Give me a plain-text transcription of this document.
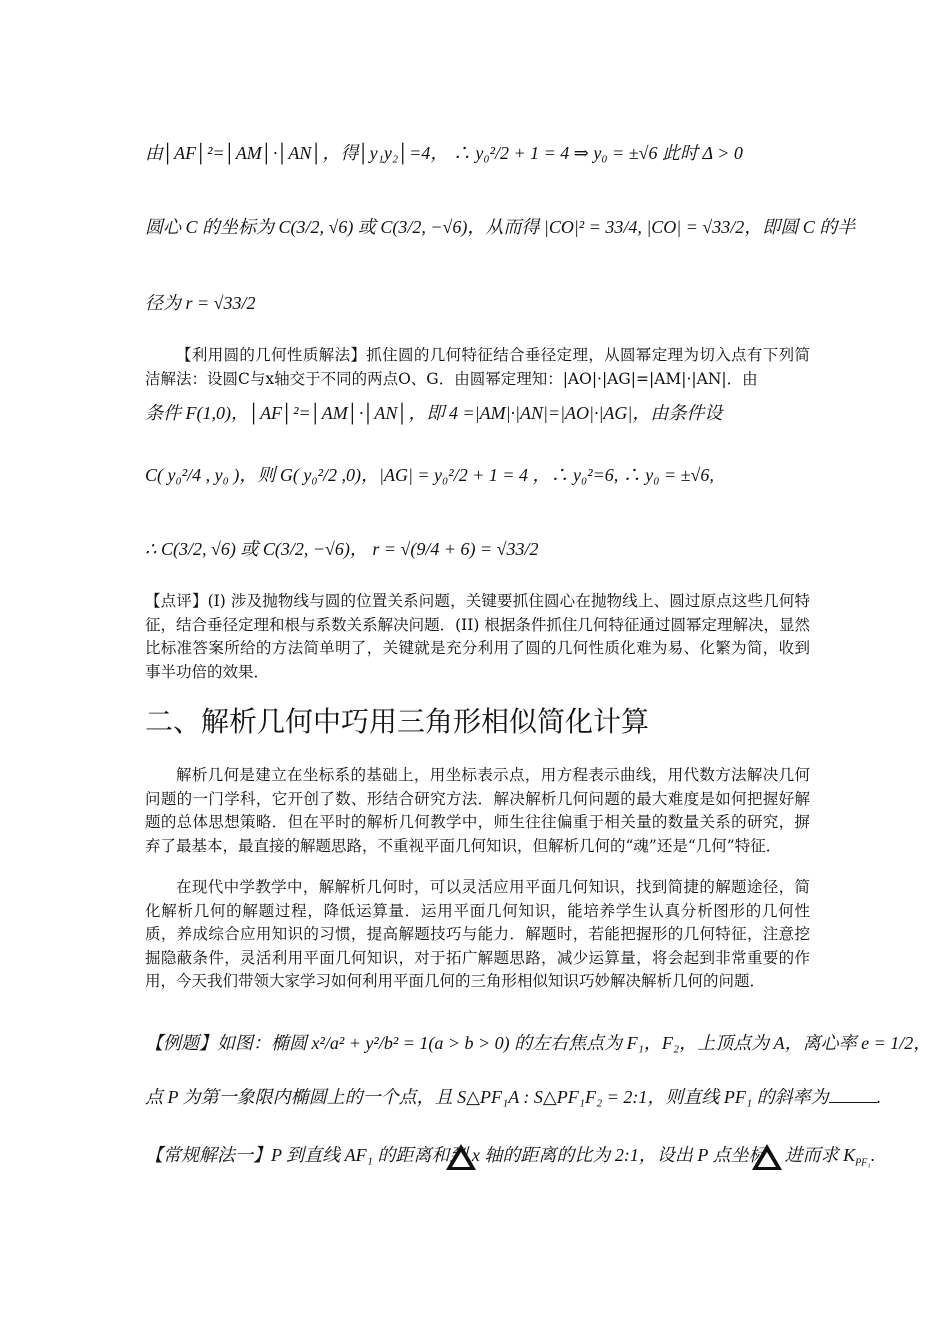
由│AF│²=│AM│·│AN│，得│y₁y₂│=4， ∴ y₀²/2 + 1 = 4 ⇒ y₀ = ±√6 此时 Δ > 0
圆心 C 的坐标为 C(3/2, √6) 或 C(3/2, −√6)，从而得 |CO|² = 33/4, |CO| = √33/2，即圆 C 的半
径为 r = √33/2
【利用圆的几何性质解法】抓住圆的几何特征结合垂径定理，从圆幂定理为切入点有下列简洁解法：设圆C与x轴交于不同的两点O、G．由圆幂定理知：|AO|·|AG|=|AM|·|AN|．由
条件 F(1,0)，│AF│²=│AM│·│AN│，即 4 =|AM|·|AN|=|AO|·|AG|，由条件设
C( y₀²/4 , y₀ )，则 G( y₀²/2 ,0)，|AG| = y₀²/2 + 1 = 4 ，∴ y₀²=6, ∴ y₀ = ±√6,
∴ C(3/2, √6) 或 C(3/2, −√6)， r = √(9/4 + 6) = √33/2
【点评】(I) 涉及抛物线与圆的位置关系问题，关键要抓住圆心在抛物线上、圆过原点这些几何特征，结合垂径定理和根与系数关系解决问题．(II) 根据条件抓住几何特征通过圆幂定理解决，显然比标准答案所给的方法简单明了，关键就是充分利用了圆的几何性质化难为易、化繁为简，收到事半功倍的效果．
二、解析几何中巧用三角形相似简化计算
解析几何是建立在坐标系的基础上，用坐标表示点，用方程表示曲线，用代数方法解决几何问题的一门学科，它开创了数、形结合研究方法．解决解析几何问题的最大难度是如何把握好解题的总体思想策略．但在平时的解析几何教学中，师生往往偏重于相关量的数量关系的研究，摒弃了最基本，最直接的解题思路，不重视平面几何知识，但解析几何的“魂”还是“几何”特征．
在现代中学教学中，解解析几何时，可以灵活应用平面几何知识，找到简捷的解题途径，简化解析几何的解题过程，降低运算量．运用平面几何知识，能培养学生认真分析图形的几何性质，养成综合应用知识的习惯，提高解题技巧与能力．解题时，若能把握形的几何特征，注意挖掘隐蔽条件，灵活利用平面几何知识，对于拓广解题思路，减少运算量，将会起到非常重要的作用，今天我们带领大家学习如何利用平面几何的三角形相似知识巧妙解决解析几何的问题．
【例题】如图：椭圆 x²/a² + y²/b² = 1(a > b > 0) 的左右焦点为 F₁，F₂，上顶点为 A，离心率 e = 1/2，
点 P 为第一象限内椭圆上的一个点，且 S△PF₁A : S△PF₁F₂ = 2:1，则直线 PF₁ 的斜率为	.
【常规解法一】P 到直线 AF₁ 的距离和到 x 轴的距离的比为 2:1，设出 P 点坐标，进而求 $K_{PF_1}$.
